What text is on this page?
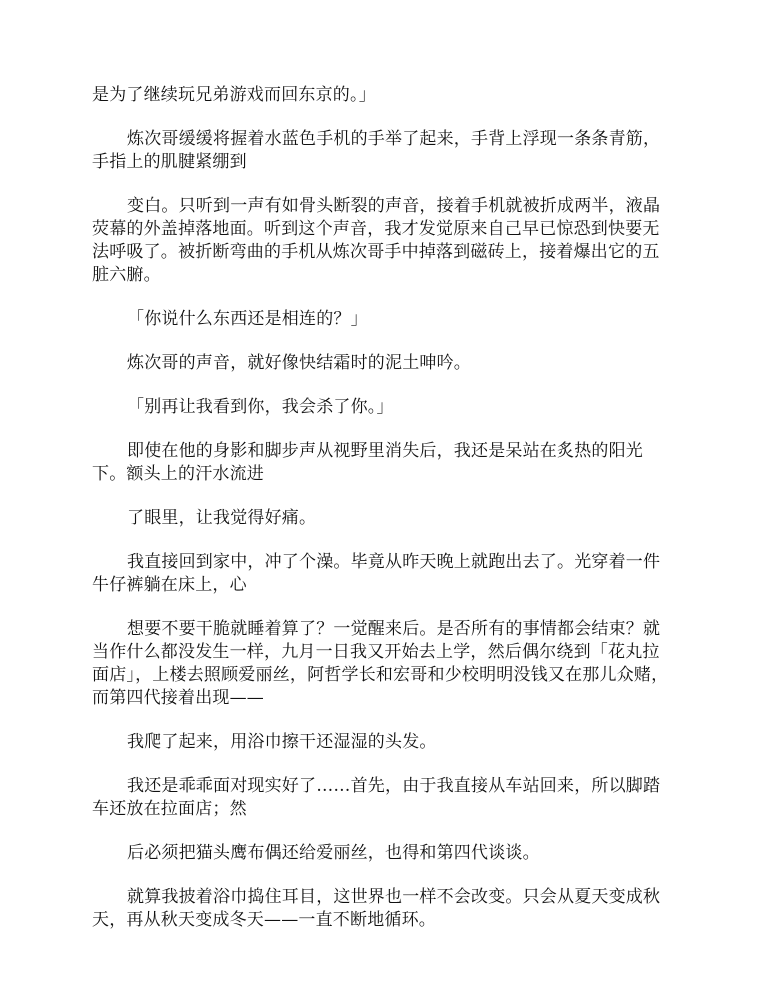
是为了继续玩兄弟游戏而回东京的。」

炼次哥缓缓将握着水蓝色手机的手举了起来，手背上浮现一条条青筋，手指上的肌腱紧绷到

变白。只听到一声有如骨头断裂的声音，接着手机就被折成两半，液晶荧幕的外盖掉落地面。听到这个声音，我才发觉原来自己早已惊恐到快要无法呼吸了。被折断弯曲的手机从炼次哥手中掉落到磁砖上，接着爆出它的五脏六腑。

「你说什么东西还是相连的？」

炼次哥的声音，就好像快结霜时的泥土呻吟。

「别再让我看到你，我会杀了你。」

即使在他的身影和脚步声从视野里消失后，我还是呆站在炙热的阳光下。额头上的汗水流进

了眼里，让我觉得好痛。

我直接回到家中，冲了个澡。毕竟从昨天晚上就跑出去了。光穿着一件牛仔裤躺在床上，心

想要不要干脆就睡着算了？一觉醒来后。是否所有的事情都会结束？就当作什么都没发生一样，九月一日我又开始去上学，然后偶尔绕到「花丸拉面店」，上楼去照顾爱丽丝，阿哲学长和宏哥和少校明明没钱又在那儿众赌，而第四代接着出现——

我爬了起来，用浴巾擦干还湿湿的头发。

我还是乖乖面对现实好了……首先，由于我直接从车站回来，所以脚踏车还放在拉面店；然

后必须把猫头鹰布偶还给爱丽丝，也得和第四代谈谈。

就算我披着浴巾捣住耳目，这世界也一样不会改变。只会从夏天变成秋天，再从秋天变成冬天——一直不断地循环。
